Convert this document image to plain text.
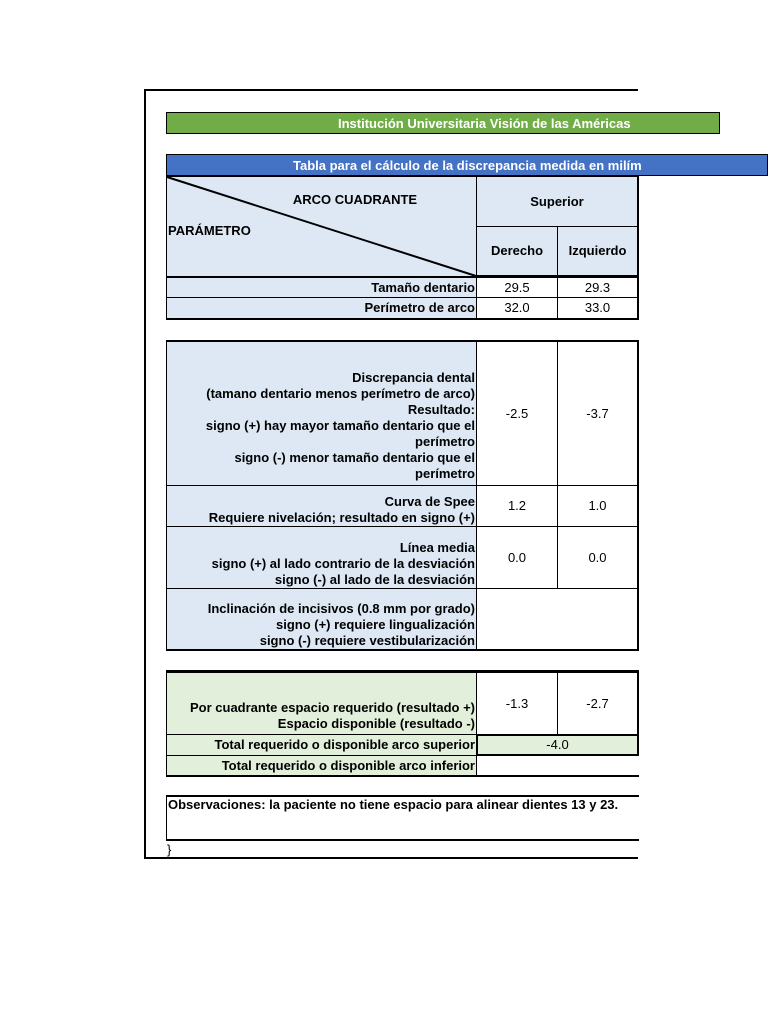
Institución Universitaria Visión de las Américas
Tabla para el cálculo de la discrepancia medida en milím
ARCO CUADRANTE
PARÁMETRO
Superior
Derecho	Izquierdo
Tamaño dentario	29.5	29.3
Perímetro de arco	32.0	33.0
Discrepancia dental
(tamano dentario menos perímetro de arco)
Resultado:
signo (+) hay mayor tamaño dentario que el
perímetro
signo (-) menor tamaño dentario que el
perímetro
-2.5	-3.7
Curva de Spee
Requiere nivelación; resultado en signo (+)
1.2	1.0
Línea media
signo (+) al lado contrario de la desviación
signo (-) al lado de la desviación
0.0	0.0
Inclinación de incisivos (0.8 mm por grado)
signo (+) requiere lingualización
signo (-) requiere vestibularización
Por cuadrante espacio requerido (resultado +)
Espacio disponible (resultado -)
-1.3	-2.7
Total requerido o disponible arco superior	-4.0
Total requerido o disponible arco inferior
Observaciones: la paciente no tiene espacio para alinear dientes 13 y 23.
}
